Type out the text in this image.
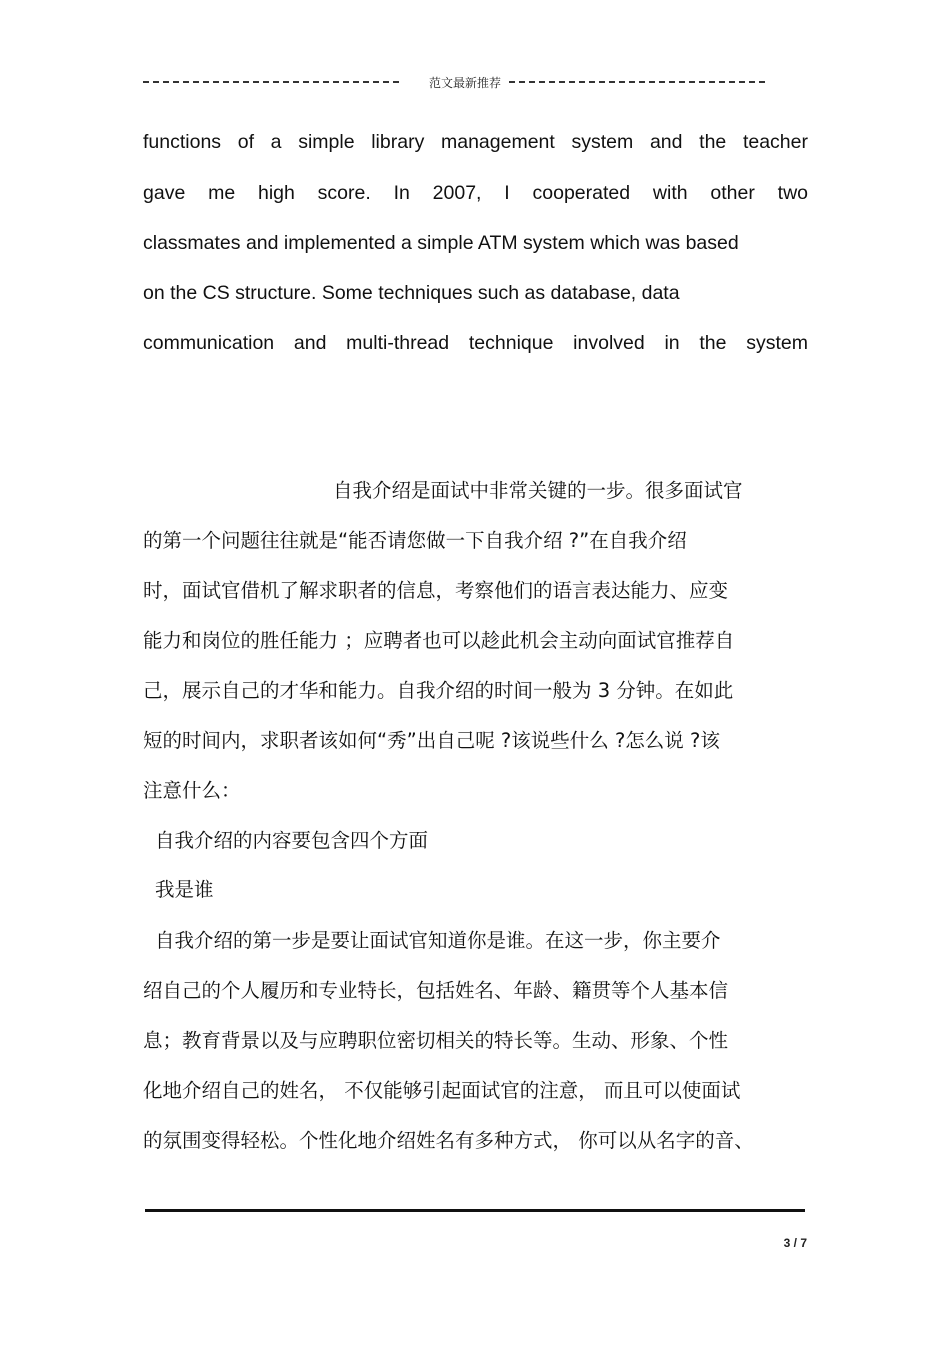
范文最新推荐
functions of a simple library management system and the teacher
gave me high score. In 2007, I cooperated with other two
classmates and implemented a simple ATM system which was based
on the CS structure. Some techniques such as database, data
communication and multi-thread technique involved in the system
自我介绍是面试中非常关键的一步。很多面试官
的第一个问题往往就是“能否请您做一下自我介绍 ?”在自我介绍
时，面试官借机了解求职者的信息，考察他们的语言表达能力、应变
能力和岗位的胜任能力 ；应聘者也可以趁此机会主动向面试官推荐自
己，展示自己的才华和能力。自我介绍的时间一般为 3 分钟。在如此
短的时间内，求职者该如何“秀”出自己呢 ?该说些什么 ?怎么说 ?该
注意什么：
自我介绍的内容要包含四个方面
我是谁
自我介绍的第一步是要让面试官知道你是谁。在这一步，你主要介
绍自己的个人履历和专业特长，包括姓名、年龄、籍贯等个人基本信
息；教育背景以及与应聘职位密切相关的特长等。生动、形象、个性
化地介绍自己的姓名， 不仅能够引起面试官的注意， 而且可以使面试
的氛围变得轻松。个性化地介绍姓名有多种方式， 你可以从名字的音、
3 / 7
